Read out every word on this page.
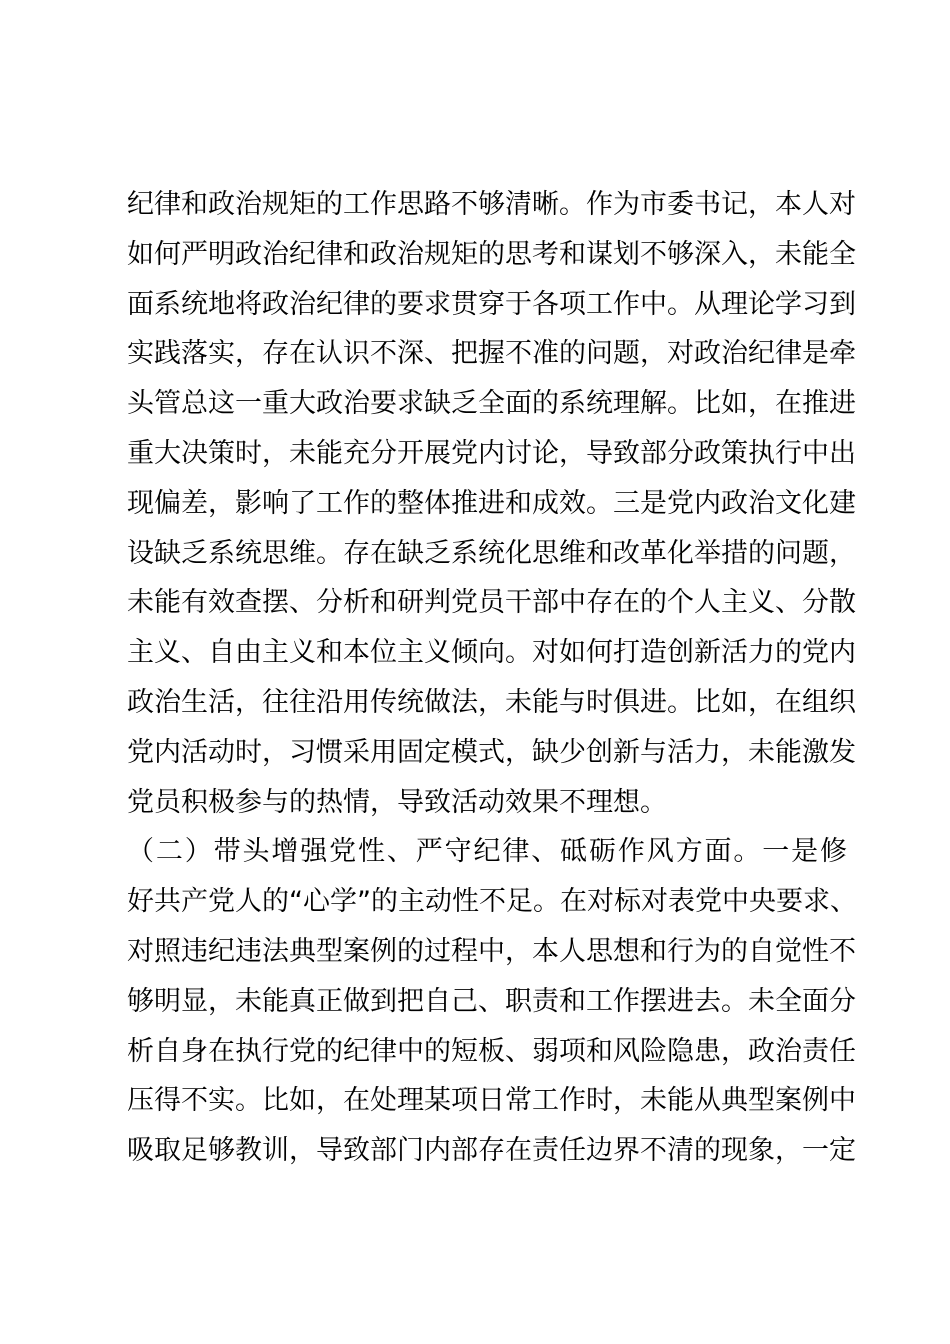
纪律和政治规矩的工作思路不够清晰。作为市委书记，本人对
如何严明政治纪律和政治规矩的思考和谋划不够深入，未能全
面系统地将政治纪律的要求贯穿于各项工作中。从理论学习到
实践落实，存在认识不深、把握不准的问题，对政治纪律是牵
头管总这一重大政治要求缺乏全面的系统理解。比如，在推进
重大决策时，未能充分开展党内讨论，导致部分政策执行中出
现偏差，影响了工作的整体推进和成效。三是党内政治文化建
设缺乏系统思维。存在缺乏系统化思维和改革化举措的问题，
未能有效查摆、分析和研判党员干部中存在的个人主义、分散
主义、自由主义和本位主义倾向。对如何打造创新活力的党内
政治生活，往往沿用传统做法，未能与时俱进。比如，在组织
党内活动时，习惯采用固定模式，缺少创新与活力，未能激发
党员积极参与的热情，导致活动效果不理想。
（二）带头增强党性、严守纪律、砥砺作风方面。一是修
好共产党人的“心学”的主动性不足。在对标对表党中央要求、
对照违纪违法典型案例的过程中，本人思想和行为的自觉性不
够明显，未能真正做到把自己、职责和工作摆进去。未全面分
析自身在执行党的纪律中的短板、弱项和风险隐患，政治责任
压得不实。比如，在处理某项日常工作时，未能从典型案例中
吸取足够教训，导致部门内部存在责任边界不清的现象，一定
